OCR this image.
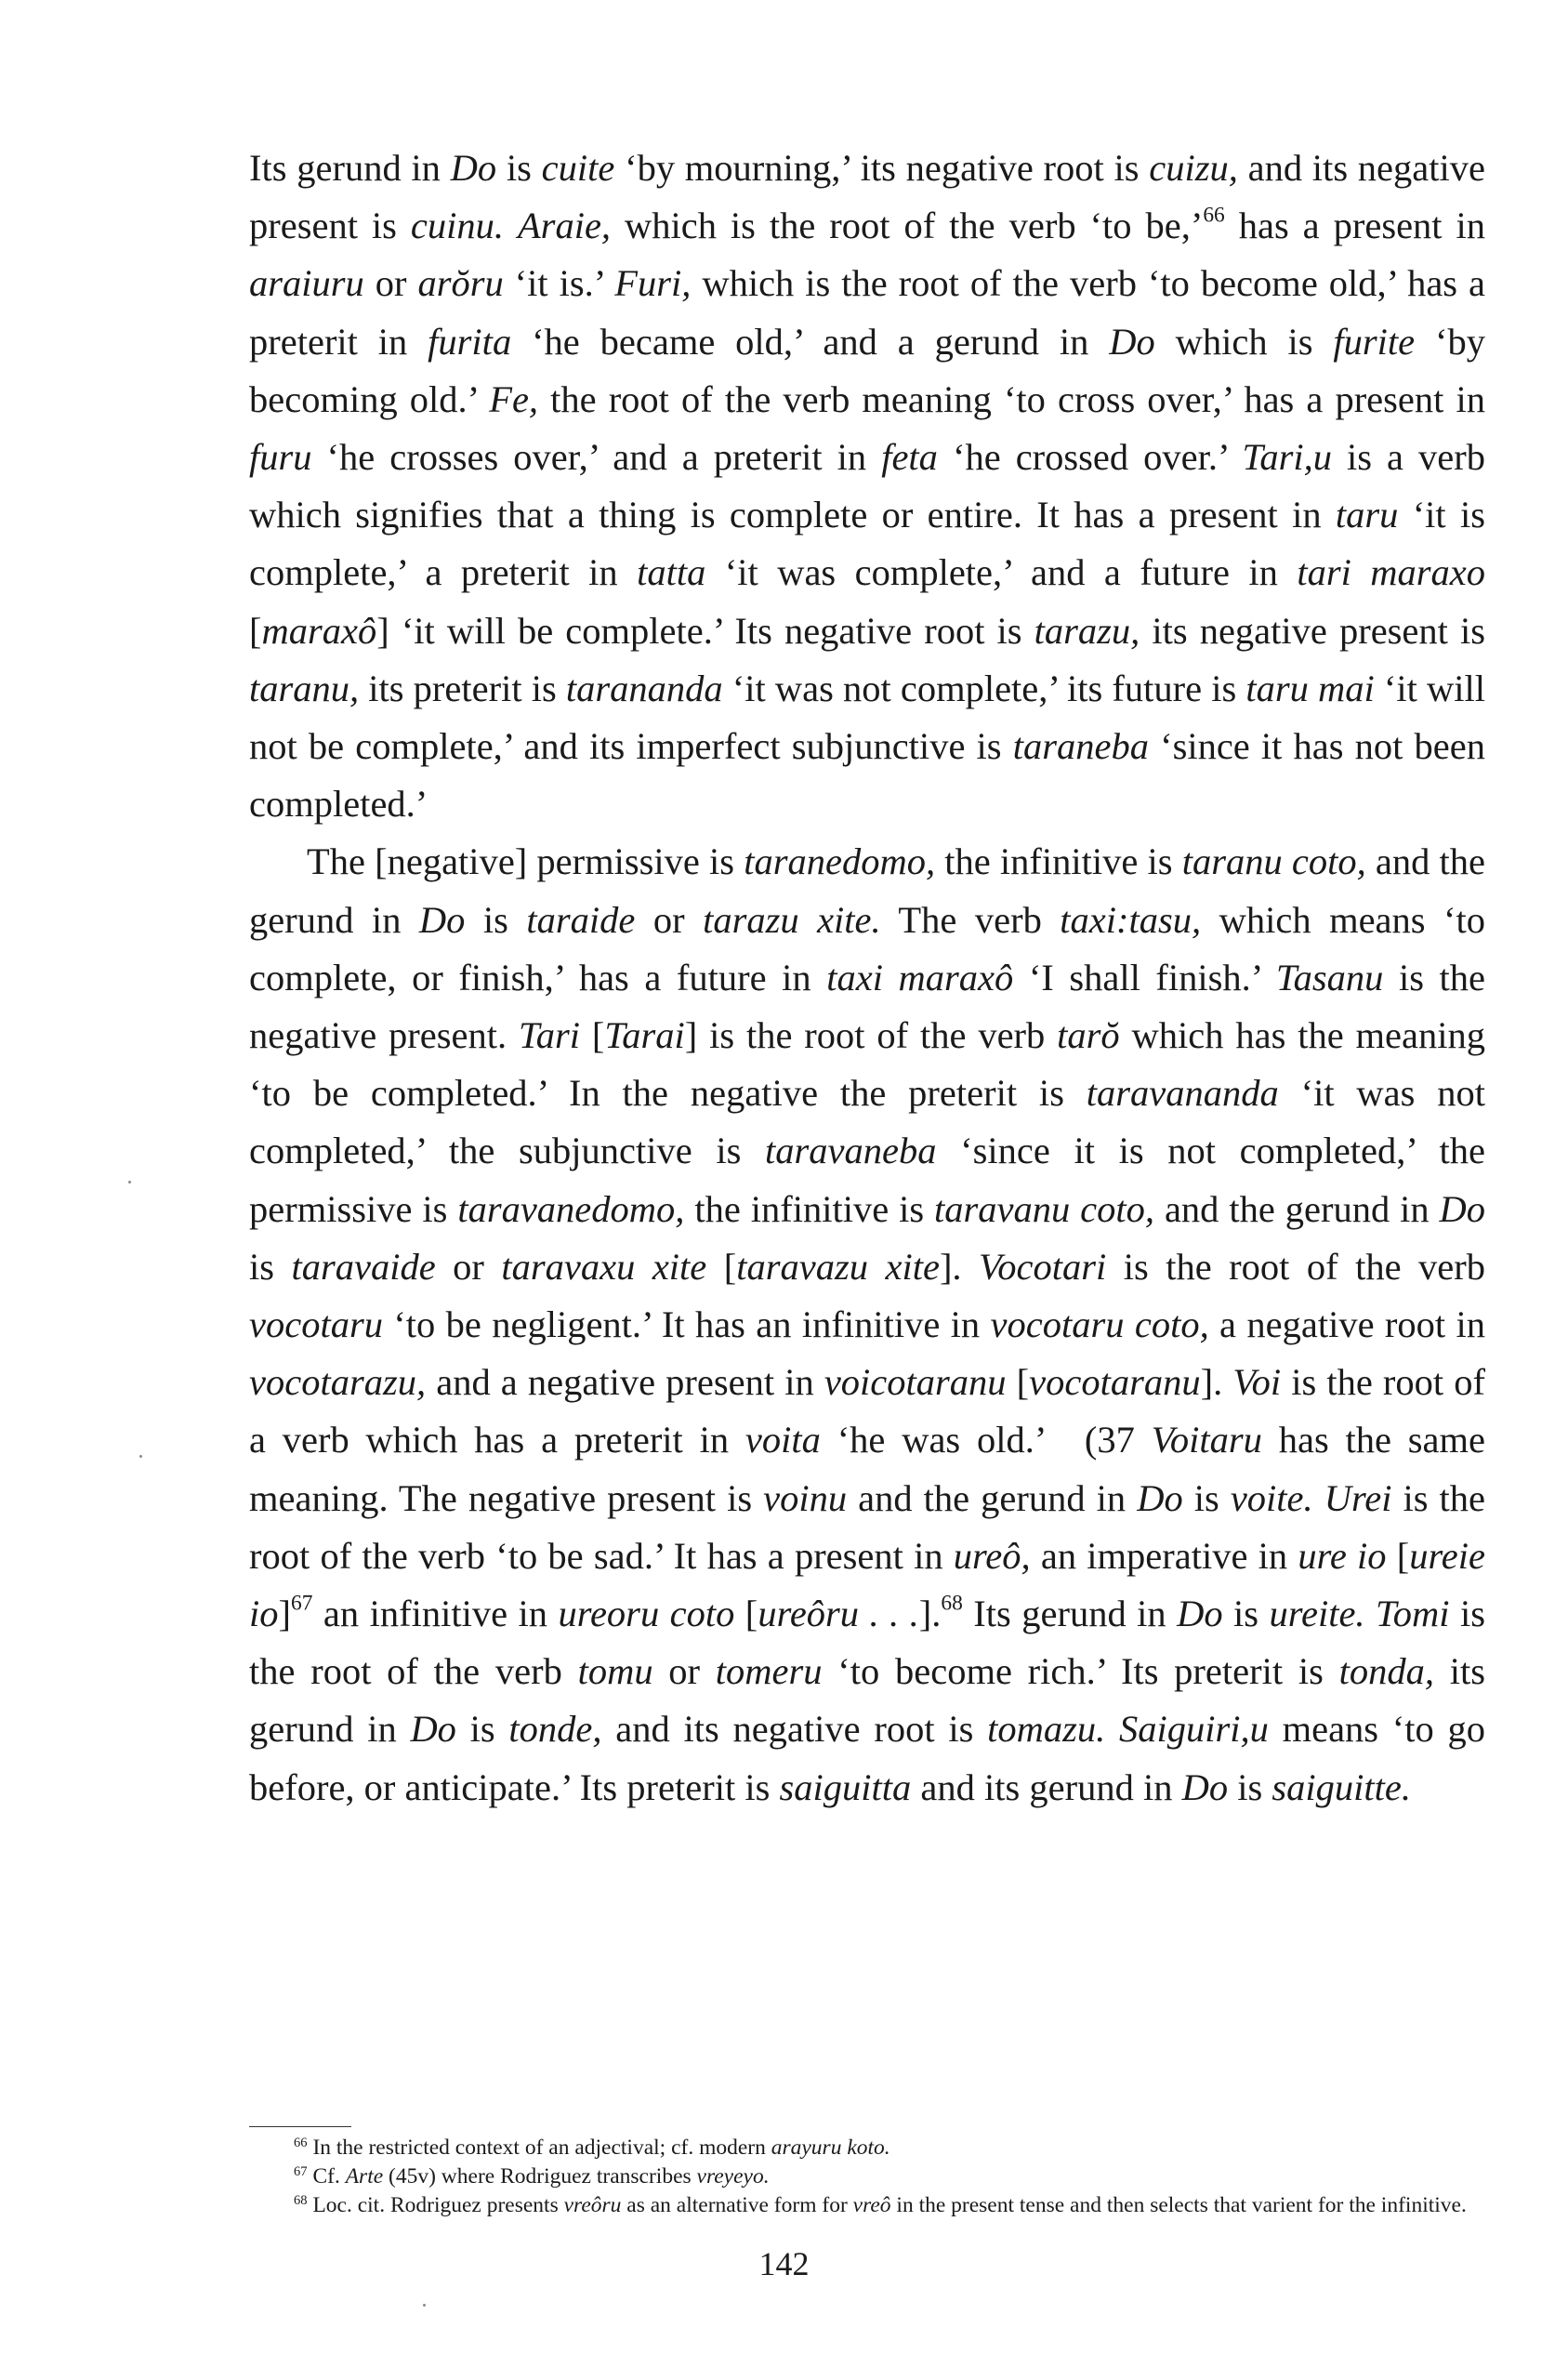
Its gerund in Do is cuite ‘by mourning,’ its negative root is cuizu, and its negative present is cuinu. Araie, which is the root of the verb ‘to be,’$^{66}$ has a present in araiuru or arŏru ‘it is.’ Furi, which is the root of the verb ‘to become old,’ has a preterit in furita ‘he became old,’ and a gerund in Do which is furite ‘by becoming old.’ Fe, the root of the verb meaning ‘to cross over,’ has a present in furu ‘he crosses over,’ and a preterit in feta ‘he crossed over.’ Tari,u is a verb which signifies that a thing is complete or entire. It has a present in taru ‘it is complete,’ a preterit in tatta ‘it was complete,’ and a future in tari maraxo [maraxô] ‘it will be complete.’ Its negative root is tarazu, its negative present is taranu, its preterit is tarananda ‘it was not complete,’ its future is taru mai ‘it will not be complete,’ and its imperfect subjunctive is taraneba ‘since it has not been completed.’

The [negative] permissive is taranedomo, the infinitive is taranu coto, and the gerund in Do is taraide or tarazu xite. The verb taxi:tasu, which means ‘to complete, or finish,’ has a future in taxi maraxô ‘I shall finish.’ Tasanu is the negative present. Tari [Tarai] is the root of the verb tarŏ which has the meaning ‘to be completed.’ In the negative the preterit is taravananda ‘it was not completed,’ the subjunctive is taravaneba ‘since it is not completed,’ the permissive is taravanedomo, the infinitive is taravanu coto, and the gerund in Do is taravaide or taravaxu xite [taravazu xite]. Vocotari is the root of the verb vocotaru ‘to be negligent.’ It has an infinitive in vocotaru coto, a negative root in vocotarazu, and a negative present in voicotaranu [vocotaranu]. Voi is the root of a verb which has a preterit in voita ‘he was old.’  (37 Voitaru has the same meaning. The negative present is voinu and the gerund in Do is voite. Urei is the root of the verb ‘to be sad.’ It has a present in ureô, an imperative in ure io [ureie io]$^{67}$ an infinitive in ureoru coto [ureôru . . .].$^{68}$ Its gerund in Do is ureite. Tomi is the root of the verb tomu or tomeru ‘to become rich.’ Its preterit is tonda, its gerund in Do is tonde, and its negative root is tomazu. Saiguiri,u means ‘to go before, or anticipate.’ Its preterit is saiguitta and its gerund in Do is saiguitte.

$^{66}$ In the restricted context of an adjectival; cf. modern arayuru koto.

$^{67}$ Cf. Arte (45v) where Rodriguez transcribes vreyeyo.

$^{68}$ Loc. cit. Rodriguez presents vreôru as an alternative form for vreô in the present tense and then selects that varient for the infinitive.

142
